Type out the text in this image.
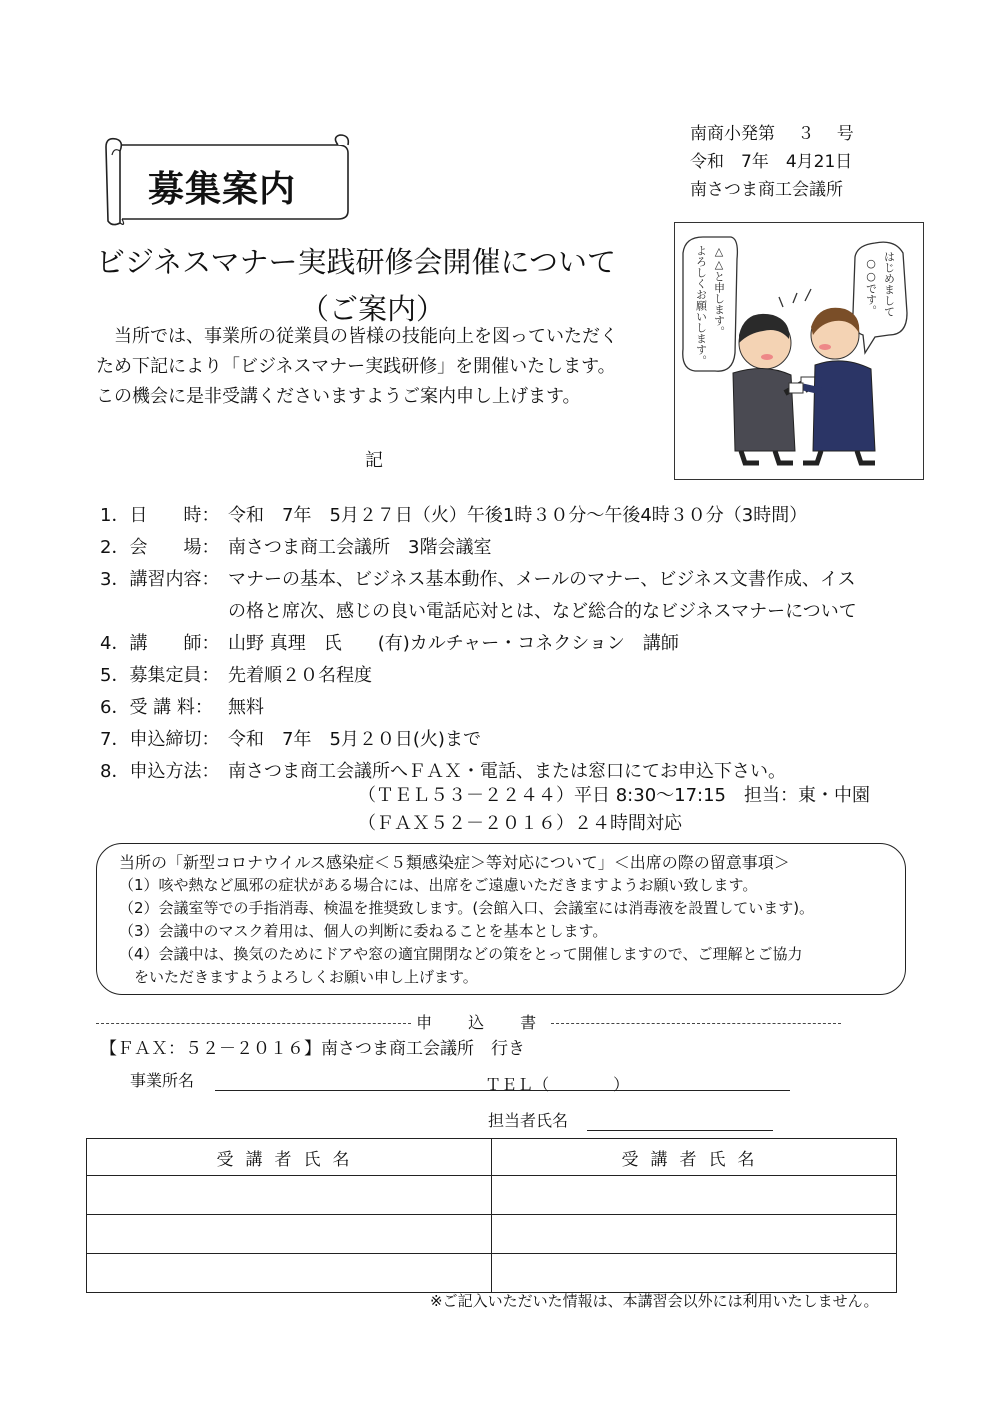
南商小発第　 ３　 号
令和　7年　4月21日
南さつま商工会議所
募集案内
ビジネスマナー実践研修会開催について
（ご案内）
　当所では、事業所の従業員の皆様の技能向上を図っていただく
ため下記により「ビジネスマナー実践研修」を開催いたします。
この機会に是非受講くださいますようご案内申し上げます。
△△と申します。
よろしくお願いします。	はじめまして
○○です。
記
1．日　　時： 令和　7年　5月２７日（火）午後1時３０分～午後4時３０分（3時間）
2．会　　場： 南さつま商工会議所　3階会議室
3．講習内容： マナーの基本、ビジネス基本動作、メールのマナー、ビジネス文書作成、イス
の格と席次、感じの良い電話応対とは、など総合的なビジネスマナーについて
4．講　　師： 山野 真理　氏　　(有)カルチャー・コネクション　講師
5．募集定員： 先着順２０名程度
6．受 講 料： 無料
7．申込締切： 令和　7年　5月２０日(火)まで
8．申込方法： 南さつま商工会議所へＦＡＸ・電話、または窓口にてお申込下さい。
（ＴＥＬ５３－２２４４）平日 8:30～17:15　担当：東・中園
（ＦＡＸ５２－２０１６）２４時間対応
当所の「新型コロナウイルス感染症＜５類感染症＞等対応について」＜出席の際の留意事項＞
（1）咳や熱など風邪の症状がある場合には、出席をご遠慮いただきますようお願い致します。
（2）会議室等での手指消毒、検温を推奨致します。(会館入口、会議室には消毒液を設置しています)。
（3）会議中のマスク着用は、個人の判断に委ねることを基本とします。
（4）会議中は、換気のためにドアや窓の適宜開閉などの策をとって開催しますので、ご理解とご協力
　をいただきますようよろしくお願い申し上げます。
申　込　書
【ＦＡＸ：５２－２０１６】南さつま商工会議所　行き
事業所名	ＴＥＬ（　　　　）
担当者氏名
受講者氏名	受講者氏名

※ご記入いただいた情報は、本講習会以外には利用いたしません。
